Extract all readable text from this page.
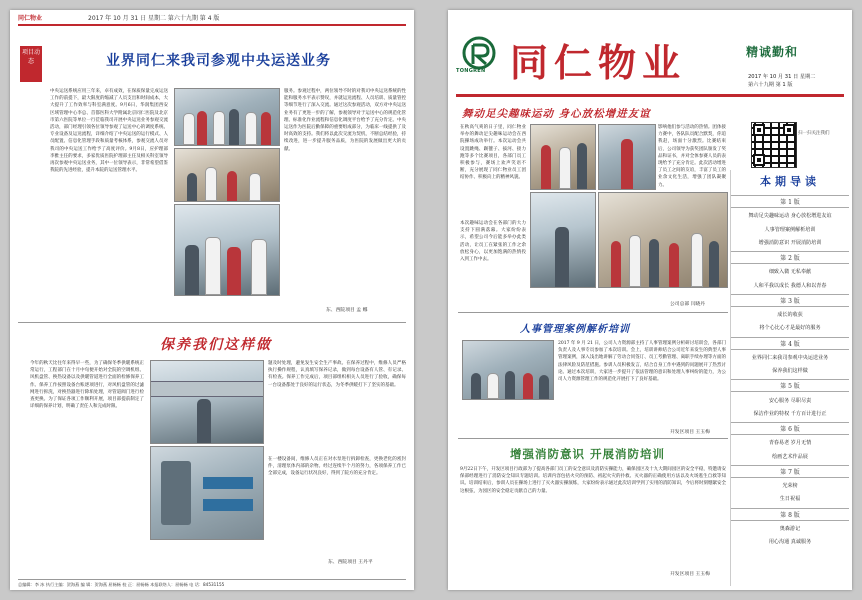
同仁物业	2017 年 10 月 31 日 星期二 第六十九期 第 4 版
项目动态	业界同仁来我司参观中央运送业务
中央运送系统应用三年来，卓有成效，在保质保量完成运送工作的前提下，最大限度的缩减了人员支出和时间成本，大大提升了工作效率与科室满意度。9月6日，华润集团西安区域管理中心李总、首都医科大学附属北京同仁医院及北京市第六医院等单位一行莅临我司开展中央运送业务参观交流活动，部门经理引领各位领导参观了运送中心的调度系统、专业设备及运送流程，详细介绍了中央运送的运行模式、人员配置、信息化管理手段和质量考核体系，参观交流人员对我司的中央运送工作给予了高度评价。9月8日，应护理部李雅主任的要求，多家优质医院护理部主任及相关科室领导再次参观中央运送业务，其中一位领导表示，非常希望借鉴我院的先进经验，提升本院的运送管理水平。
服务。参观过程中，两位领导不时的对我司中央运送系统的性能和服务水平表示赞叹，并就运送流程、人员培训、质量管控等细节进行了深入交流。通过这次参观活动，双方对中央运送业务有了更进一步的了解，参观领导对于运送中心的规范化管理、标准化作业流程和信息化调度平台给予了充分肯定。中央运送作为医院后勤保障的重要组成部分，为临床一线提供了及时高效的支持。我们将以此次交流为契机，不断总结经验，持续改进，进一步提升服务品质，为医院的发展做出更大的贡献。
东、西院项目 孟 娜
保养我们这样做
今年的秋天比往年来得早一些，为了确保冬季供暖系统正常运行，工程部门在十月中旬便开始对全院的空调机组、风机盘管、换热设备以及供暖管道进行全面的检修保养工作。保养工作按照设备台账逐项进行，对风机盘管的过滤网进行拆洗，对换热器进行除垢处理，对管道阀门进行检查更换。为了保证各项工作顺利开展，项目部提前制定了详细的保养计划，明确了责任人和完成时限。
题及时处理，避免发生安全生产事故。在保养过程中，维修人员严格执行操作规程，认真填写保养记录，做到每台设备有人管、有记录、有检查。保养工作完成后，项目部组织相关人员进行了验收，确保每一台设备都处于良好的运行状态，为冬季供暖打下了坚实的基础。
在一楼设备间，维修人员正在对水泵进行拆卸检查，更换老化的密封件，清理泵体内部的杂物。经过连续半个月的努力，各项保养工作已全部完成，设备运行状况良好，得到了院方的充分肯定。
东、西院项目 王丹平
总编辑：李 冰 执行主编：贺海燕 编 辑：贺海燕 屈畅畅 校 正：屈畅畅 本报联络人：屈畅畅 电 话：84531155
TONGREN 同仁物业	精诚勤和
2017 年 10 月 31 日 星期二
第六十九期 第 1 版
舞动足尖趣味运动 身心放松增进友谊
在秋高气爽的日子里，同仁物业举办的舞动足尖趣味运动会在西院操场成功举行。本次运动会共设置跳绳、踢毽子、拔河、接力跑等多个比赛项目，各部门员工积极参与，赛场上欢声笑语不断，充分展现了同仁物业员工团结协作、积极向上的精神风貌。
影响他们参与活动的热情。团体接力赛中，各队队员配合默契，你追我赶，场面十分激烈。比赛结束后，公司领导为获奖团队颁发了奖品和证书，并对全体参赛人员的表现给予了充分肯定。此次活动增进了员工之间的友谊，丰富了员工的业余文化生活，增强了团队凝聚力。
本次趣味运动会在各部门的大力支持下圆满落幕。大家纷纷表示，希望公司今后能多举办此类活动，让员工在紧张的工作之余放松身心，以更加饱满的热情投入到工作中去。
公司总部 闫晓丹
人事管理案例解析培训
2017 年 9 月 21 日，公司人力资源部主持了人事管理案例分析研讨培训会，各部门负责人及人事专员参加了本次培训。会上，培训讲师结合公司近年来发生的典型人事管理案例，深入浅出地讲解了劳动合同签订、员工考勤管理、离职手续办理等方面的法律风险及防范措施。参训人员积极发言，结合自身工作中遇到的问题展开了热烈讨论。通过本次培训，大家进一步提升了依法管理的意识和处理人事纠纷的能力，为公司人力资源管理工作的规范化开展打下了良好基础。
开发区项目 王玉梅
增强消防意识 开展消防培训
9月22日下午，开发区项目行政部为了提高各部门员工的安全意识及消防实操能力，确保园区及十九大期间园区的安全平稳，特邀请安保部经理进行了消防安全知识专题培训。培训内容包括火灾的预防、初起火灾的扑救、灭火器的正确使用方法以及火场逃生自救等知识。培训结束后，参训人员在操场上进行了灭火器实操演练，大家纷纷表示通过此次培训学到了实用的消防知识，今后将时刻绷紧安全这根弦，为园区的安全稳定贡献自己的力量。
开发区项目 王玉梅
扫一扫关注我们
本期导读
第 1 版
舞动足尖趣味运动 身心放松增进友谊
人事管理案例解析培训
增强消防意识 开展消防培训
第 2 版
细致入微 无私奉献
人和平我以成长 我德人和以青春
第 3 版
成长的收获
将个心比心才是最好的服务
第 4 版
业界同仁来我司参观中央运送业务
保养我们这样做
第 5 版
安心服务 尽职尽责
保洁作业的特权 千方百计进行正
第 6 版
青春易老 岁月无情
绘画艺术作品展
第 7 版
光荣榜
生日祝福
第 8 版
奥森游记
用心沟通 真诚服务
